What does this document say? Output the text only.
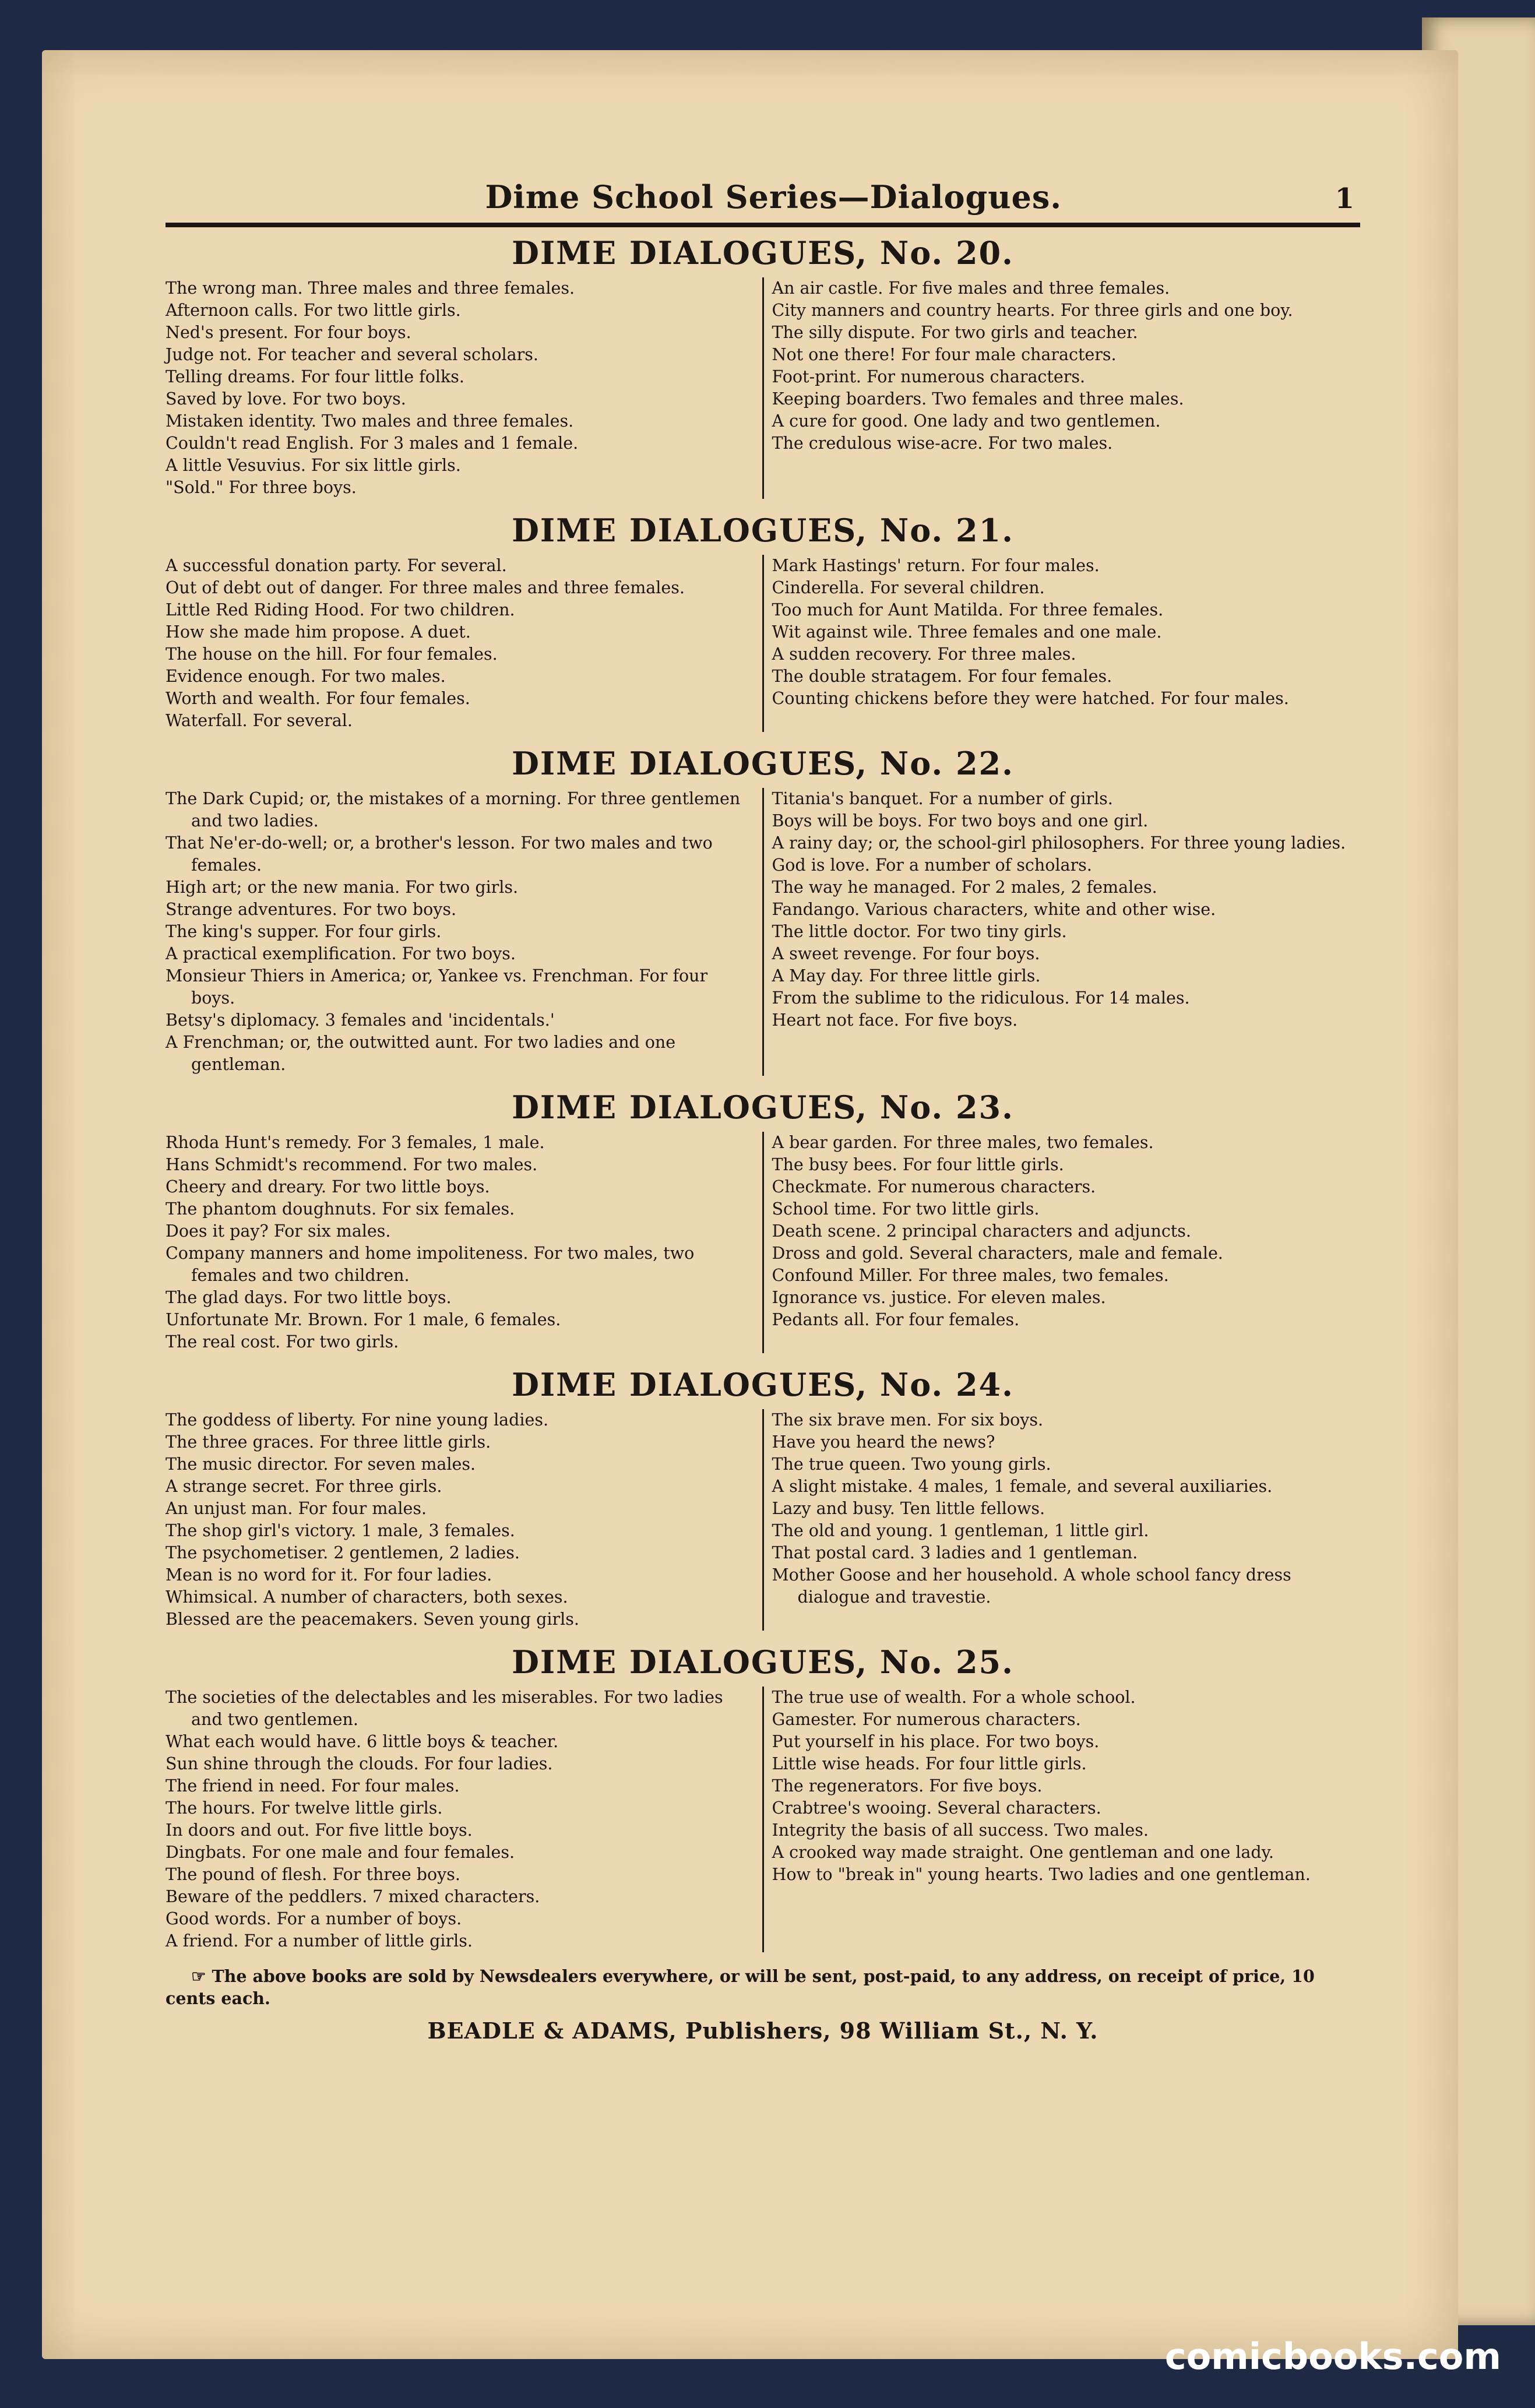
Dime School Series—Dialogues.	1
DIME DIALOGUES, No. 20.
The wrong man. Three males and three females.
Afternoon calls. For two little girls.
Ned's present. For four boys.
Judge not. For teacher and several scholars.
Telling dreams. For four little folks.
Saved by love. For two boys.
Mistaken identity. Two males and three females.
Couldn't read English. For 3 males and 1 female.
A little Vesuvius. For six little girls.
"Sold." For three boys.
An air castle. For five males and three females.
City manners and country hearts. For three girls and one boy.
The silly dispute. For two girls and teacher.
Not one there! For four male characters.
Foot-print. For numerous characters.
Keeping boarders. Two females and three males.
A cure for good. One lady and two gentlemen.
The credulous wise-acre. For two males.
DIME DIALOGUES, No. 21.
A successful donation party. For several.
Out of debt out of danger. For three males and three females.
Little Red Riding Hood. For two children.
How she made him propose. A duet.
The house on the hill. For four females.
Evidence enough. For two males.
Worth and wealth. For four females.
Waterfall. For several.
Mark Hastings' return. For four males.
Cinderella. For several children.
Too much for Aunt Matilda. For three females.
Wit against wile. Three females and one male.
A sudden recovery. For three males.
The double stratagem. For four females.
Counting chickens before they were hatched. For four males.
DIME DIALOGUES, No. 22.
The Dark Cupid; or, the mistakes of a morning. For three gentlemen and two ladies.
That Ne'er-do-well; or, a brother's lesson. For two males and two females.
High art; or the new mania. For two girls.
Strange adventures. For two boys.
The king's supper. For four girls.
A practical exemplification. For two boys.
Monsieur Thiers in America; or, Yankee vs. Frenchman. For four boys.
Betsy's diplomacy. 3 females and 'incidentals.'
A Frenchman; or, the outwitted aunt. For two ladies and one gentleman.
Titania's banquet. For a number of girls.
Boys will be boys. For two boys and one girl.
A rainy day; or, the school-girl philosophers. For three young ladies.
God is love. For a number of scholars.
The way he managed. For 2 males, 2 females.
Fandango. Various characters, white and other wise.
The little doctor. For two tiny girls.
A sweet revenge. For four boys.
A May day. For three little girls.
From the sublime to the ridiculous. For 14 males.
Heart not face. For five boys.
DIME DIALOGUES, No. 23.
Rhoda Hunt's remedy. For 3 females, 1 male.
Hans Schmidt's recommend. For two males.
Cheery and dreary. For two little boys.
The phantom doughnuts. For six females.
Does it pay? For six males.
Company manners and home impoliteness. For two males, two females and two children.
The glad days. For two little boys.
Unfortunate Mr. Brown. For 1 male, 6 females.
The real cost. For two girls.
A bear garden. For three males, two females.
The busy bees. For four little girls.
Checkmate. For numerous characters.
School time. For two little girls.
Death scene. 2 principal characters and adjuncts.
Dross and gold. Several characters, male and female.
Confound Miller. For three males, two females.
Ignorance vs. justice. For eleven males.
Pedants all. For four females.
DIME DIALOGUES, No. 24.
The goddess of liberty. For nine young ladies.
The three graces. For three little girls.
The music director. For seven males.
A strange secret. For three girls.
An unjust man. For four males.
The shop girl's victory. 1 male, 3 females.
The psychometiser. 2 gentlemen, 2 ladies.
Mean is no word for it. For four ladies.
Whimsical. A number of characters, both sexes.
Blessed are the peacemakers. Seven young girls.
The six brave men. For six boys.
Have you heard the news?
The true queen. Two young girls.
A slight mistake. 4 males, 1 female, and several auxiliaries.
Lazy and busy. Ten little fellows.
The old and young. 1 gentleman, 1 little girl.
That postal card. 3 ladies and 1 gentleman.
Mother Goose and her household. A whole school fancy dress dialogue and travestie.
DIME DIALOGUES, No. 25.
The societies of the delectables and les miserables. For two ladies and two gentlemen.
What each would have. 6 little boys & teacher.
Sun shine through the clouds. For four ladies.
The friend in need. For four males.
The hours. For twelve little girls.
In doors and out. For five little boys.
Dingbats. For one male and four females.
The pound of flesh. For three boys.
Beware of the peddlers. 7 mixed characters.
Good words. For a number of boys.
A friend. For a number of little girls.
The true use of wealth. For a whole school.
Gamester. For numerous characters.
Put yourself in his place. For two boys.
Little wise heads. For four little girls.
The regenerators. For five boys.
Crabtree's wooing. Several characters.
Integrity the basis of all success. Two males.
A crooked way made straight. One gentleman and one lady.
How to "break in" young hearts. Two ladies and one gentleman.
☞ The above books are sold by Newsdealers everywhere, or will be sent, post-paid, to any address, on receipt of price, 10 cents each.
BEADLE & ADAMS, Publishers, 98 William St., N. Y.
comicbooks.com
